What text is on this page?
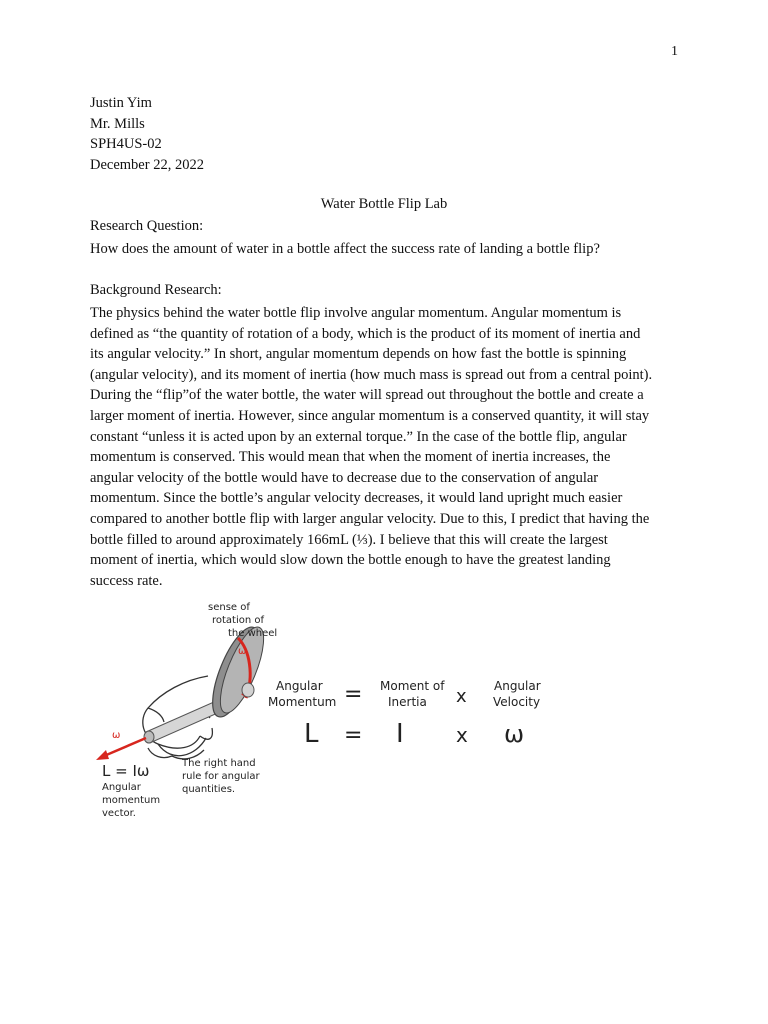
1
Justin Yim
Mr. Mills
SPH4US-02
December 22, 2022
Water Bottle Flip Lab
Research Question:
How does the amount of water in a bottle affect the success rate of landing a bottle flip?
Background Research:
The physics behind the water bottle flip involve angular momentum. Angular momentum is
defined as “the quantity of rotation of a body, which is the product of its moment of inertia and
its angular velocity.” In short, angular momentum depends on how fast the bottle is spinning
(angular velocity), and its moment of inertia (how much mass is spread out from a central point).
During the “flip”of the water bottle, the water will spread out throughout the bottle and create a
larger moment of inertia. However, since angular momentum is a conserved quantity, it will stay
constant “unless it is acted upon by an external torque.” In the case of the bottle flip, angular
momentum is conserved. This would mean that when the moment of inertia increases, the
angular velocity of the bottle would have to decrease due to the conservation of angular
momentum. Since the bottle’s angular velocity decreases, it would land upright much easier
compared to another bottle flip with larger angular velocity. Due to this, I predict that having the
bottle filled to around approximately 166mL (⅓). I believe that this will create the largest
moment of inertia, which would slow down the bottle enough to have the greatest landing
success rate.
sense of
rotation of
the wheel
ω
ω
L = Iω
Angular
momentum
vector.
The right hand
rule for angular
quantities.
Angular
Momentum = Moment of
Inertia x Angular
Velocity
L = I	x ω
